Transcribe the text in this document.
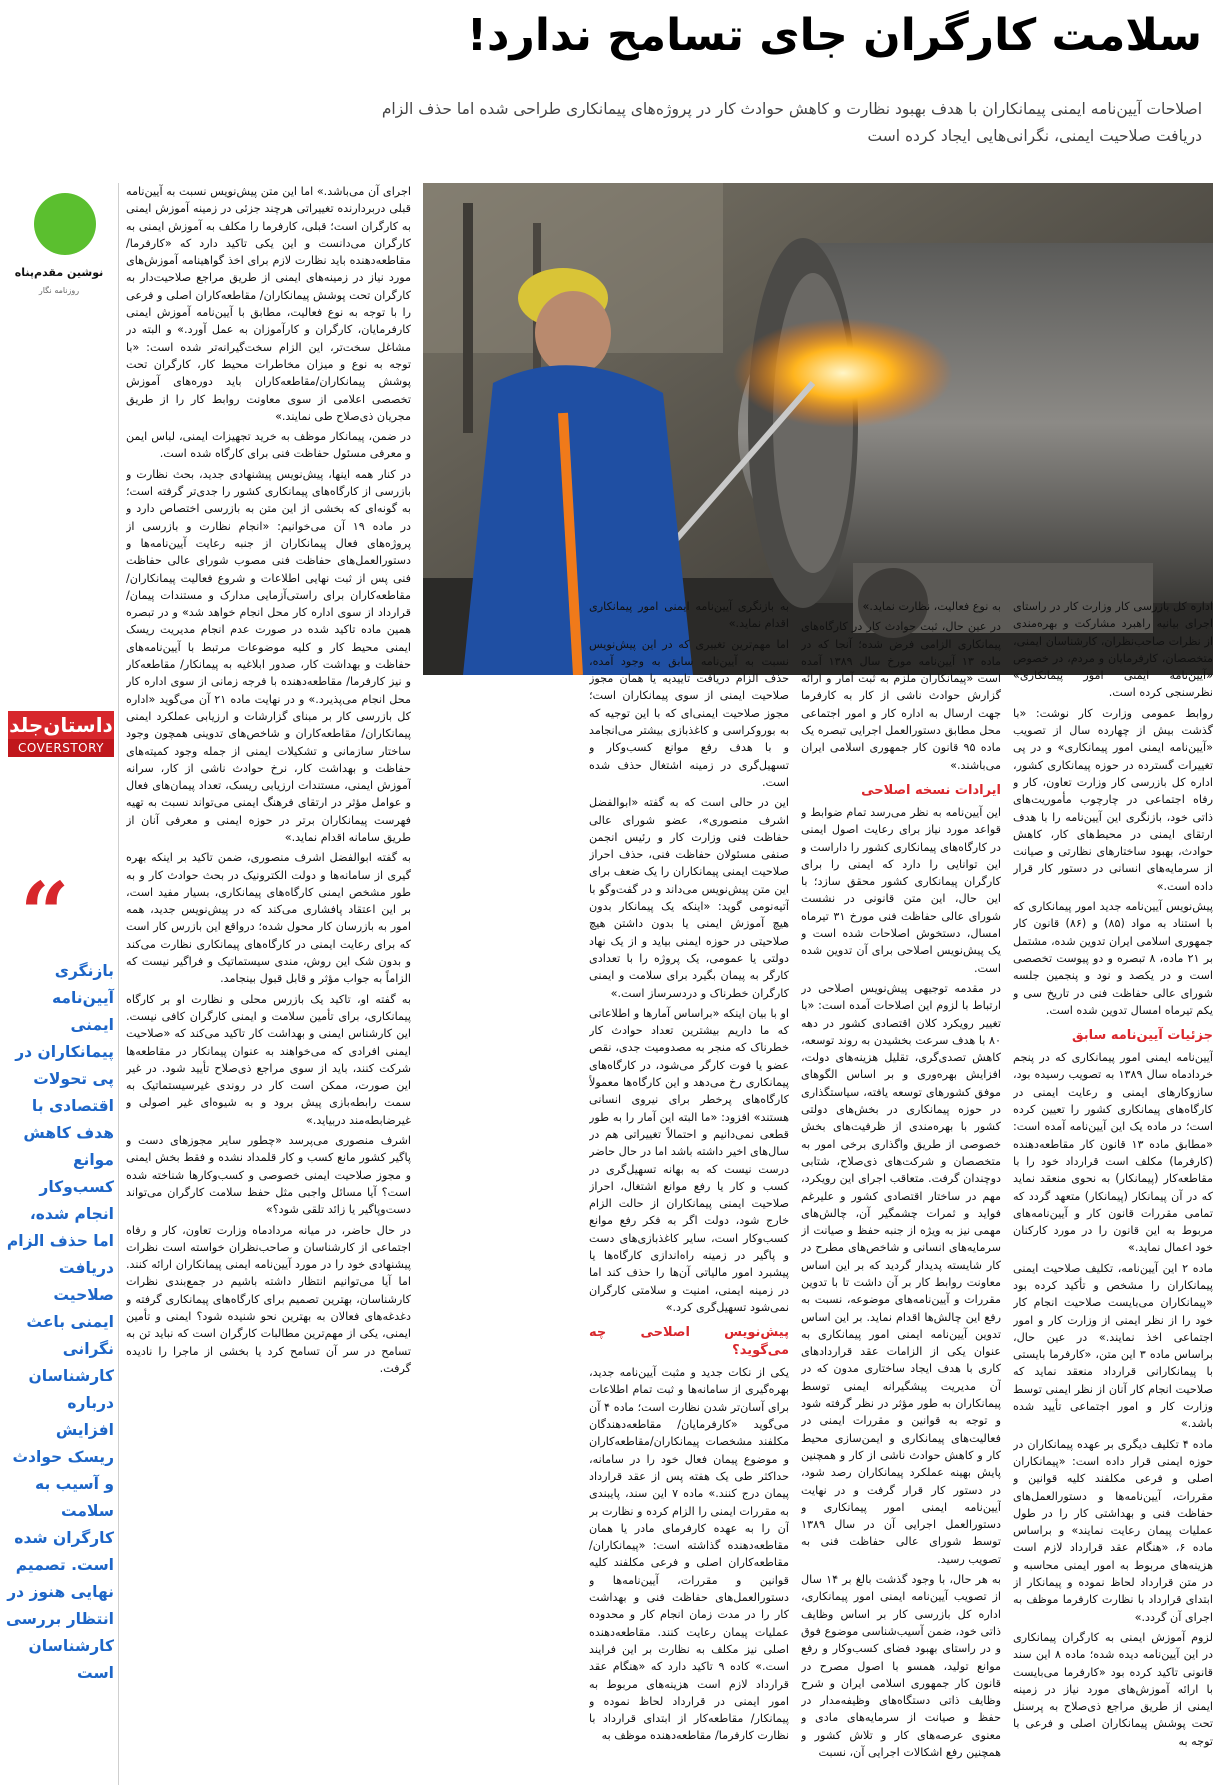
سلامت کارگران جای تسامح ندارد!

اصلاحات آیین‌نامه ایمنی پیمانکاران با هدف بهبود نظارت و کاهش حوادث کار در پروژه‌های پیمانکاری طراحی شده اما حذف الزام دریافت صلاحیت ایمنی، نگرانی‌هایی ایجاد کرده است

نوشین مقدم‌پناه

روزنامه نگار

داستان‌جلد
COVERSTORY

“

بازنگری آیین‌نامه ایمنی پیمانکاران در پی تحولات اقتصادی با هدف کاهش موانع کسب‌وکار انجام شده، اما حذف الزام دریافت صلاحیت ایمنی باعث نگرانی کارشناسان درباره افزایش ریسک حوادث و آسیب به سلامت کارگران شده است. تصمیم نهایی هنوز در انتظار بررسی کارشناسان است

اجرای آن می‌باشد.» اما این متن پیش‌نویس نسبت به آیین‌نامه قبلی دربردارنده تغییراتی هرچند جزئی در زمینه آموزش ایمنی به کارگران است؛ قبلی، کارفرما را مکلف به آموزش ایمنی به کارگران می‌دانست و این یکی تاکید دارد که «کارفرما/مقاطعه‌دهنده باید نظارت لازم برای اخذ گواهینامه آموزش‌های مورد نیاز در زمینه‌های ایمنی از طریق مراجع صلاحیت‌دار به کارگران تحت پوشش پیمانکاران/ مقاطعه‌کاران اصلی و فرعی را با توجه به نوع فعالیت، مطابق با آیین‌نامه آموزش ایمنی کارفرمایان، کارگران و کارآموزان به عمل آورد.» و البته در مشاغل سخت‌تر، این الزام سخت‌گیرانه‌تر شده است: «با توجه به نوع و میزان مخاطرات محیط کار، کارگران تحت پوشش پیمانکاران/مقاطعه‌کاران باید دوره‌های آموزش تخصصی اعلامی از سوی معاونت روابط کار را از طریق مجریان ذی‌صلاح طی نمایند.»

در ضمن، پیمانکار موظف به خرید تجهیزات ایمنی، لباس ایمن و معرفی مسئول حفاظت فنی برای کارگاه شده است.

در کنار همه اینها، پیش‌نویس پیشنهادی جدید، بحث نظارت و بازرسی از کارگاه‌های پیمانکاری کشور را جدی‌تر گرفته است؛ به گونه‌ای که بخشی از این متن به بازرسی اختصاص دارد و در ماده ۱۹ آن می‌خوانیم: «انجام نظارت و بازرسی از پروژه‌های فعال پیمانکاران از جنبه رعایت آیین‌نامه‌ها و دستورالعمل‌های حفاظت فنی مصوب شورای عالی حفاظت فنی پس از ثبت نهایی اطلاعات و شروع فعالیت پیمانکاران/ مقاطعه‌کاران برای راستی‌آزمایی مدارک و مستندات پیمان/قرارداد از سوی اداره کار محل انجام خواهد شد» و در تبصره همین ماده تاکید شده در صورت عدم انجام مدیریت ریسک ایمنی محیط کار و کلیه موضوعات مرتبط با آیین‌نامه‌های حفاظت و بهداشت کار، صدور ابلاغیه به پیمانکار/ مقاطعه‌کار و نیز کارفرما/ مقاطعه‌دهنده با فرجه زمانی از سوی اداره کار محل انجام می‌پذیرد.» و در نهایت ماده ۲۱ آن می‌گوید «اداره کل بازرسی کار بر مبنای گزارشات و ارزیابی عملکرد ایمنی پیمانکاران/ مقاطعه‌کاران و شاخص‌های تدوینی همچون وجود ساختار سازمانی و تشکیلات ایمنی از جمله وجود کمیته‌های حفاظت و بهداشت کار، نرخ حوادث ناشی از کار، سرانه آموزش ایمنی، مستندات ارزیابی ریسک، تعداد پیمان‌های فعال و عوامل مؤثر در ارتقای فرهنگ ایمنی می‌تواند نسبت به تهیه فهرست پیمانکاران برتر در حوزه ایمنی و معرفی آنان از طریق سامانه اقدام نماید.»

به گفته ابوالفضل اشرف منصوری، ضمن تاکید بر اینکه بهره گیری از سامانه‌ها و دولت الکترونیک در بحث حوادث کار و به طور مشخص ایمنی کارگاه‌های پیمانکاری، بسیار مفید است، بر این اعتقاد پافشاری می‌کند که در پیش‌نویس جدید، همه امور به بازرسان کار محول شده؛ درواقع این بازرس کار است که برای رعایت ایمنی در کارگاه‌های پیمانکاری نظارت می‌کند و بدون شک این روش، مندی سیستماتیک و فراگیر نیست که الزاماً به جواب مؤثر و قابل قبول بینجامد.

به گفته او، تاکید یک بازرس محلی و نظارت او بر کارگاه پیمانکاری، برای تأمین سلامت و ایمنی کارگران کافی نیست. این کارشناس ایمنی و بهداشت کار تاکید می‌کند که «صلاحیت ایمنی افرادی که می‌خواهند به عنوان پیمانکار در مقاطعه‌ها شرکت کنند، باید از سوی مراجع ذی‌صلاح تأیید شود. در غیر این صورت، ممکن است کار در روندی غیرسیستماتیک به سمت رابطه‌بازی پیش برود و به شیوه‌ای غیر اصولی و غیرضابطه‌مند دربیاید.»

اشرف منصوری می‌پرسد «چطور سایر مجوزهای دست و پاگیر کشور مانع کسب و کار قلمداد نشده و فقط بخش ایمنی و مجوز صلاحیت ایمنی خصوصی و کسب‌وکارها شناخته شده است؟ آیا مسائل واجبی مثل حفظ سلامت کارگران می‌تواند دست‌وپاگیر یا زائد تلقی شود؟»

در حال حاضر، در میانه مردادماه وزارت تعاون، کار و رفاه اجتماعی از کارشناسان و صاحب‌نظران خواسته است نظرات پیشنهادی خود را در مورد آیین‌نامه ایمنی پیمانکاران ارائه کنند. اما آیا می‌توانیم انتظار داشته باشیم در جمع‌بندی نظرات کارشناسان، بهترین تصمیم برای کارگاه‌های پیمانکاری گرفته و دغدغه‌های فعالان به بهترین نحو شنیده شود؟ ایمنی و تأمین ایمنی، یکی از مهم‌ترین مطالبات کارگران است که نباید تن به تسامح در سر آن تسامح کرد یا بخشی از ماجرا را نادیده گرفت.

اداره کل بازرسی کار وزارت کار در راستای اجرای بیانیه راهبرد مشارکت و بهره‌مندی از نظرات صاحب‌نظران، کارشناسان ایمنی، متخصصان، کارفرمایان و مردم، در خصوص «آیین‌نامه ایمنی امور پیمانکاری» نظرسنجی کرده است.

روابط عمومی وزارت کار نوشت: «با گذشت بیش از چهارده سال از تصویب «آیین‌نامه ایمنی امور پیمانکاری» و در پی تغییرات گسترده در حوزه پیمانکاری کشور، اداره کل بازرسی کار وزارت تعاون، کار و رفاه اجتماعی در چارچوب مأموریت‌های ذاتی خود، بازنگری این آیین‌نامه را با هدف ارتقای ایمنی در محیط‌های کار، کاهش حوادث، بهبود ساختارهای نظارتی و صیانت از سرمایه‌های انسانی در دستور کار قرار داده است.»

پیش‌نویس آیین‌نامه جدید امور پیمانکاری که با استناد به مواد (۸۵) و (۸۶) قانون کار جمهوری اسلامی ایران تدوین شده، مشتمل بر ۲۱ ماده، ۸ تبصره و دو پیوست تخصصی است و در یکصد و نود و پنجمین جلسه شورای عالی حفاظت فنی در تاریخ سی و یکم تیرماه امسال تدوین شده است.

جزئیات آیین‌نامه سابق

آیین‌نامه ایمنی امور پیمانکاری که در پنجم خردادماه سال ۱۳۸۹ به تصویب رسیده بود، سازوکارهای ایمنی و رعایت ایمنی در کارگاه‌های پیمانکاری کشور را تعیین کرده است؛ در ماده یک این آیین‌نامه آمده است: «مطابق ماده ۱۳ قانون کار مقاطعه‌دهنده (کارفرما) مکلف است قرارداد خود را با مقاطعه‌کار (پیمانکار) به نحوی منعقد نماید که در آن پیمانکار (پیمانکار) متعهد گردد که تمامی مقررات قانون کار و آیین‌نامه‌های مربوط به این قانون را در مورد کارکنان خود اعمال نماید.»

ماده ۲ این آیین‌نامه، تکلیف صلاحیت ایمنی پیمانکاران را مشخص و تأکید کرده بود «پیمانکاران می‌بایست صلاحیت انجام کار خود را از نظر ایمنی از وزارت کار و امور اجتماعی اخذ نمایند.» در عین حال، براساس ماده ۳ این متن، «کارفرما بایستی با پیمانکارانی قرارداد منعقد نماید که صلاحیت انجام کار آنان از نظر ایمنی توسط وزارت کار و امور اجتماعی تأیید شده باشد.»

ماده ۴ تکلیف دیگری بر عهده پیمانکاران در حوزه ایمنی قرار داده است: «پیمانکاران اصلی و فرعی مکلفند کلیه قوانین و مقررات، آیین‌نامه‌ها و دستورالعمل‌های حفاظت فنی و بهداشتی کار را در طول عملیات پیمان رعایت نمایند» و براساس ماده ۶، «هنگام عقد قرارداد لازم است هزینه‌های مربوط به امور ایمنی محاسبه و در متن قرارداد لحاظ نموده و پیمانکار از ابتدای قرارداد با نظارت کارفرما موظف به اجرای آن گردد.»

لزوم آموزش ایمنی به کارگران پیمانکاری در این آیین‌نامه دیده شده؛ ماده ۸ این سند قانونی تاکید کرده بود «کارفرما می‌بایست با ارائه آموزش‌های مورد نیاز در زمینه ایمنی از طریق مراجع ذی‌صلاح به پرسنل تحت پوشش پیمانکاران اصلی و فرعی با توجه به

به نوع فعالیت، نظارت نماید.»

در عین حال، ثبت حوادث کار در کارگاه‌های پیمانکاری الزامی فرض شده؛ آنجا که در ماده ۱۳ آیین‌نامه مورخ سال ۱۳۸۹ آمده است «پیمانکاران ملزم به ثبت آمار و ارائه گزارش حوادث ناشی از کار به کارفرما جهت ارسال به اداره کار و امور اجتماعی محل مطابق دستورالعمل اجرایی تبصره یک ماده ۹۵ قانون کار جمهوری اسلامی ایران می‌باشند.»

ایرادات نسخه اصلاحی

این آیین‌نامه به نظر می‌رسد تمام ضوابط و قواعد مورد نیاز برای رعایت اصول ایمنی در کارگاه‌های پیمانکاری کشور را داراست و این توانایی را دارد که ایمنی را برای کارگران پیمانکاری کشور محقق سازد؛ با این حال، این متن قانونی در نشست شورای عالی حفاظت فنی مورخ ۳۱ تیرماه امسال، دستخوش اصلاحات شده است و یک پیش‌نویس اصلاحی برای آن تدوین شده است.

در مقدمه توجیهی پیش‌نویس اصلاحی در ارتباط با لزوم این اصلاحات آمده است: «با تغییر رویکرد کلان اقتصادی کشور در دهه ۸۰ با هدف سرعت بخشیدن به روند توسعه، کاهش تصدی‌گری، تقلیل هزینه‌های دولت، افزایش بهره‌وری و بر اساس الگوهای موفق کشورهای توسعه یافته، سیاستگذاری در حوزه پیمانکاری در بخش‌های دولتی کشور با بهره‌مندی از ظرفیت‌های بخش خصوصی از طریق واگذاری برخی امور به متخصصان و شرکت‌های ذی‌صلاح، شتابی دوچندان گرفت. متعاقب اجرای این رویکرد، مهم در ساختار اقتصادی کشور و علیرغم فواید و ثمرات چشمگیر آن، چالش‌های مهمی نیز به ویژه از جنبه حفظ و صیانت از سرمایه‌های انسانی و شاخص‌های مطرح در کار شایسته پدیدار گردید که بر این اساس معاونت روابط کار بر آن داشت تا با تدوین مقررات و آیین‌نامه‌های موضوعه، نسبت به رفع این چالش‌ها اقدام نماید. بر این اساس تدوین آیین‌نامه ایمنی امور پیمانکاری به عنوان یکی از الزامات عقد قراردادهای کاری با هدف ایجاد ساختاری مدون که در آن مدیریت پیشگیرانه ایمنی توسط پیمانکاران به طور مؤثر در نظر گرفته شود و توجه به قوانین و مقررات ایمنی در فعالیت‌های پیمانکاری و ایمن‌سازی محیط کار و کاهش حوادث ناشی از کار و همچنین پایش بهینه عملکرد پیمانکاران رصد شود، در دستور کار قرار گرفت و در نهایت آیین‌نامه ایمنی امور پیمانکاری و دستورالعمل اجرایی آن در سال ۱۳۸۹ توسط شورای عالی حفاظت فنی به تصویب رسید.

به هر حال، با وجود گذشت بالغ بر ۱۴ سال از تصویب آیین‌نامه ایمنی امور پیمانکاری، اداره کل بازرسی کار بر اساس وظایف ذاتی خود، ضمن آسیب‌شناسی موضوع فوق و در راستای بهبود فضای کسب‌وکار و رفع موانع تولید، همسو با اصول مصرح در قانون کار جمهوری اسلامی ایران و شرح وظایف ذاتی دستگاه‌های وظیفه‌مدار در حفظ و صیانت از سرمایه‌های مادی و معنوی عرصه‌های کار و تلاش کشور و همچنین رفع اشکالات اجرایی آن، نسبت

به بازنگری آیین‌نامه ایمنی امور پیمانکاری اقدام نماید.»

اما مهم‌ترین تغییری که در این پیش‌نویس نسبت به آیین‌نامه سابق به وجود آمده، حذف الزام دریافت تاییدیه یا همان مجوز صلاحیت ایمنی از سوی پیمانکاران است؛ مجوز صلاحیت ایمنی‌ای که با این توجیه که به بوروکراسی و کاغذبازی بیشتر می‌انجامد و با هدف رفع موانع کسب‌وکار و تسهیل‌گری در زمینه اشتغال حذف شده است.

این در حالی است که به گفته «ابوالفضل اشرف منصوری»، عضو شورای عالی حفاظت فنی وزارت کار و رئیس انجمن صنفی مسئولان حفاظت فنی، حذف احراز صلاحیت ایمنی پیمانکاران را یک ضعف برای این متن پیش‌نویس می‌داند و در گفت‌وگو با آتیه‌نومی گوید: «اینکه یک پیمانکار بدون هیچ آموزش ایمنی یا بدون داشتن هیچ صلاحیتی در حوزه ایمنی بیاید و از یک نهاد دولتی یا عمومی، یک پروژه را با تعدادی کارگر به پیمان بگیرد برای سلامت و ایمنی کارگران خطرناک و دردسرساز است.»

او با بیان اینکه «براساس آمارها و اطلاعاتی که ما داریم بیشترین تعداد حوادث کار خطرناک که منجر به مصدومیت جدی، نقص عضو یا فوت کارگر می‌شود، در کارگاه‌های پیمانکاری رخ می‌دهد و این کارگاه‌ها معمولاً کارگاه‌های پرخطر برای نیروی انسانی هستند» افزود: «ما البته این آمار را به طور قطعی نمی‌دانیم و احتمالاً تغییراتی هم در سال‌های اخیر داشته باشد اما در حال حاضر درست نیست که به بهانه تسهیل‌گری در کسب و کار یا رفع موانع اشتغال، احراز صلاحیت ایمنی پیمانکاران از حالت الزام خارج شود، دولت اگر به فکر رفع موانع کسب‌وکار است، سایر کاغذبازی‌های دست و پاگیر در زمینه راه‌اندازی کارگاه‌ها یا پیشبرد امور مالیاتی آن‌ها را حذف کند اما در زمینه ایمنی، امنیت و سلامتی کارگران نمی‌شود تسهیل‌گری کرد.»

پیش‌نویس اصلاحی چه می‌گوید؟

یکی از نکات جدید و مثبت آیین‌نامه جدید، بهره‌گیری از سامانه‌ها و ثبت تمام اطلاعات برای آسان‌تر شدن نظارت است؛ ماده ۴ آن می‌گوید «کارفرمایان/ مقاطعه‌دهندگان مکلفند مشخصات پیمانکاران/مقاطعه‌کاران و موضوع پیمان فعال خود را در سامانه، حداکثر طی یک هفته پس از عقد قرارداد پیمان درج کنند.» ماده ۷ این سند، پایبندی به مقررات ایمنی را الزام کرده و نظارت بر آن را به عهده کارفرمای مادر یا همان مقاطعه‌دهنده گذاشته است: «پیمانکاران/ مقاطعه‌کاران اصلی و فرعی مکلفند کلیه قوانین و مقررات، آیین‌نامه‌ها و دستورالعمل‌های حفاظت فنی و بهداشت کار را در مدت زمان انجام کار و محدوده عملیات پیمان رعایت کنند. مقاطعه‌دهنده اصلی نیز مکلف به نظارت بر این فرایند است.» کاده ۹ تاکید دارد که «هنگام عقد قرارداد لازم است هزینه‌های مربوط به امور ایمنی در قرارداد لحاظ نموده و پیمانکار/ مقاطعه‌کار از ابتدای قرارداد با نظارت کارفرما/ مقاطعه‌دهنده موظف به
